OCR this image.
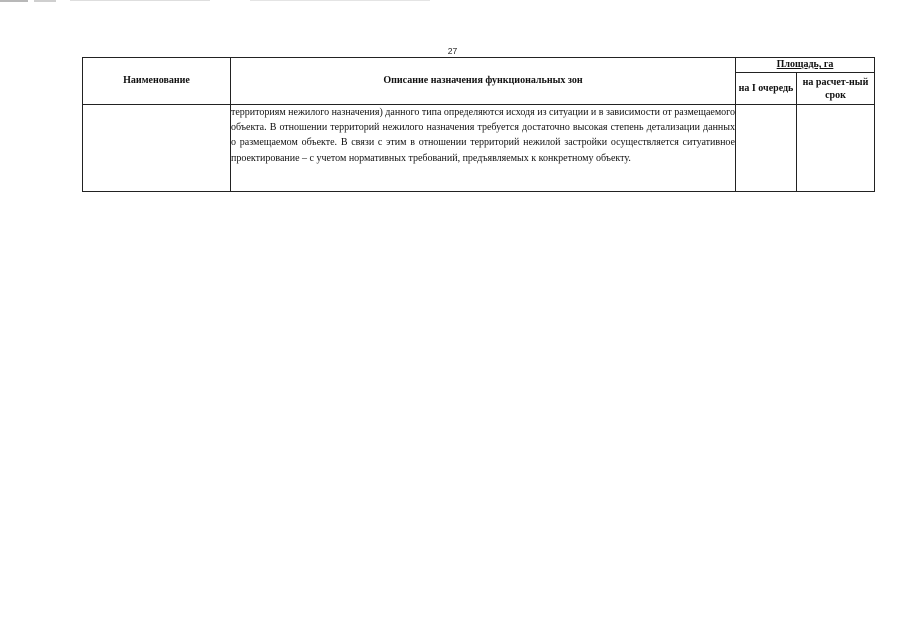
27
Наименование	Описание назначения функциональных зон	Площадь, га	
		на I очередь	на расчет-ный срок
	территориям нежилого назначения) данного типа определяются исходя из ситуации и в зависимости от размещаемого объекта. В отношении территорий нежилого назначения требуется достаточно высокая степень детализации данных о размещаемом объекте. В связи с этим в отношении территорий нежилой застройки осуществляется ситуативное проектирование – с учетом нормативных требований, предъявляемых к конкретному объекту.		
